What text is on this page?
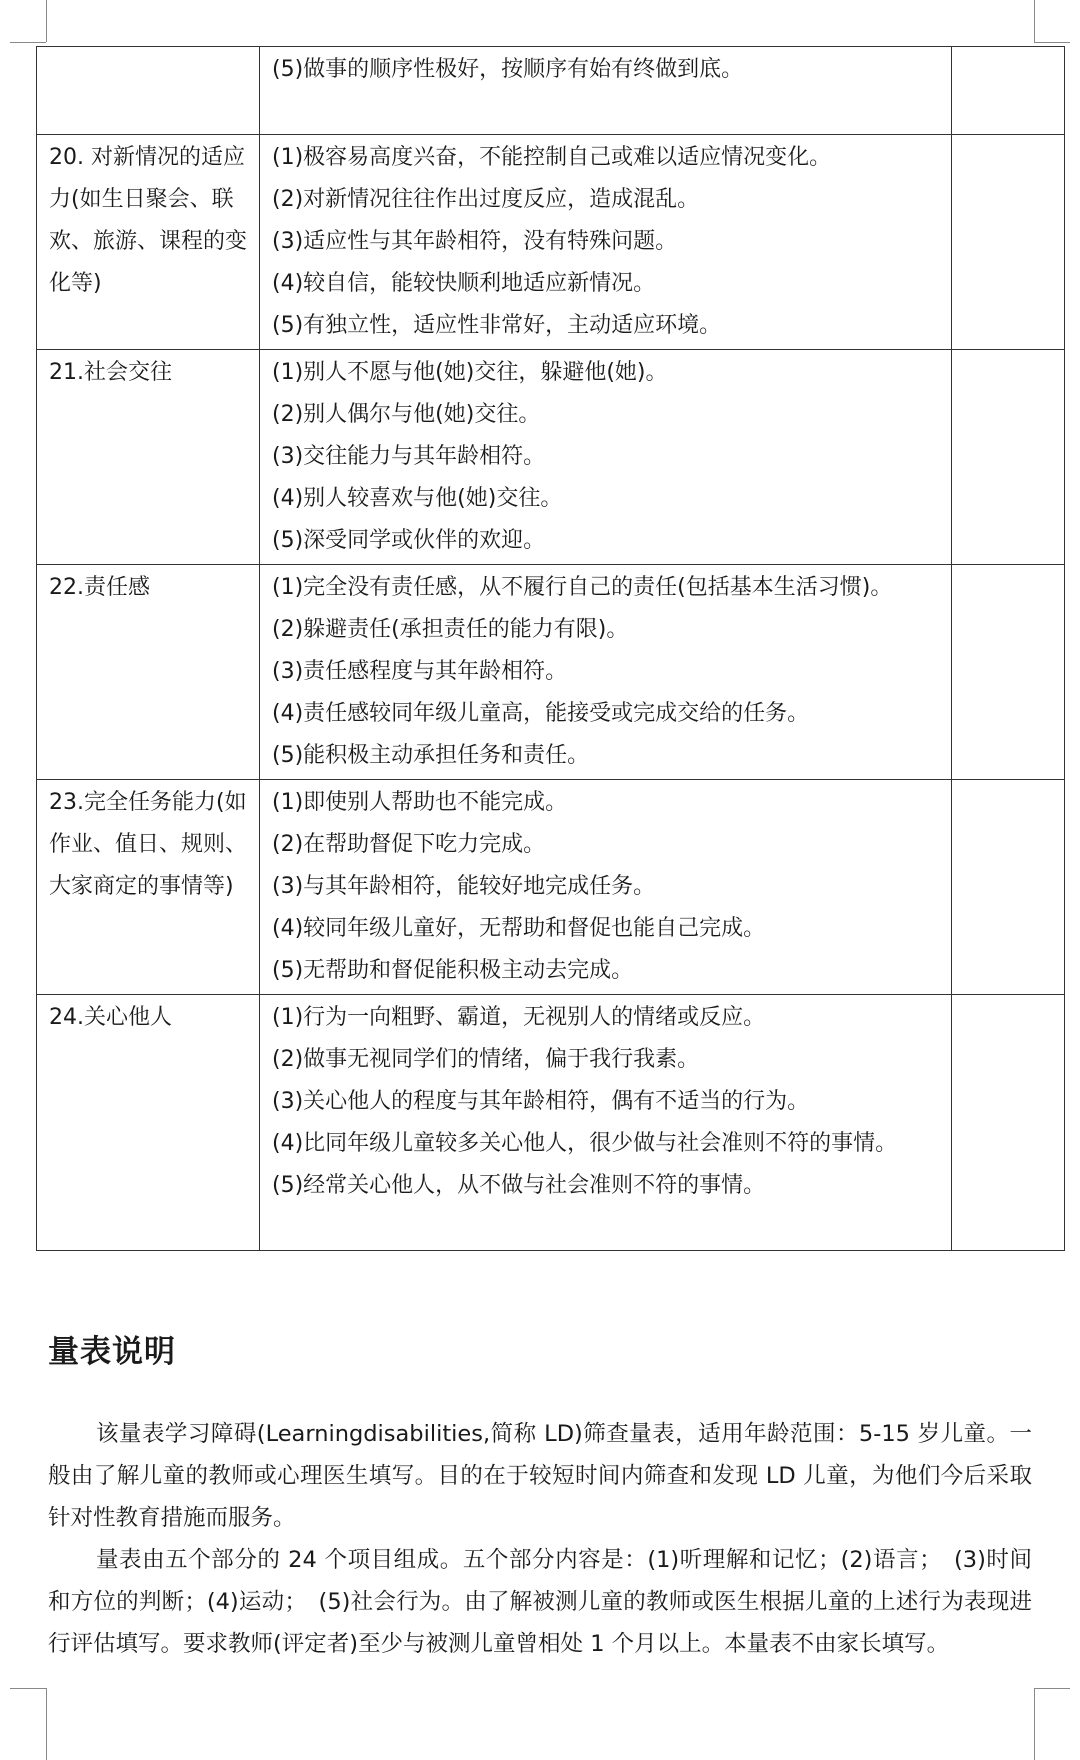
	(5)做事的顺序性极好，按顺序有始有终做到底。	

20. 对新情况的适应力(如生日聚会、联欢、旅游、课程的变化等)	(1)极容易高度兴奋，不能控制自己或难以适应情况变化。
(2)对新情况往往作出过度反应，造成混乱。
(3)适应性与其年龄相符，没有特殊问题。
(4)较自信，能较快顺利地适应新情况。
(5)有独立性，适应性非常好，主动适应环境。	

21.社会交往	(1)别人不愿与他(她)交往，躲避他(她)。
(2)别人偶尔与他(她)交往。
(3)交往能力与其年龄相符。
(4)别人较喜欢与他(她)交往。
(5)深受同学或伙伴的欢迎。	

22.责任感	(1)完全没有责任感，从不履行自己的责任(包括基本生活习惯)。
(2)躲避责任(承担责任的能力有限)。
(3)责任感程度与其年龄相符。
(4)责任感较同年级儿童高，能接受或完成交给的任务。
(5)能积极主动承担任务和责任。	

23.完全任务能力(如作业、值日、规则、大家商定的事情等)	(1)即使别人帮助也不能完成。
(2)在帮助督促下吃力完成。
(3)与其年龄相符，能较好地完成任务。
(4)较同年级儿童好，无帮助和督促也能自己完成。
(5)无帮助和督促能积极主动去完成。	

24.关心他人	(1)行为一向粗野、霸道，无视别人的情绪或反应。
(2)做事无视同学们的情绪，偏于我行我素。
(3)关心他人的程度与其年龄相符，偶有不适当的行为。
(4)比同年级儿童较多关心他人，很少做与社会准则不符的事情。
(5)经常关心他人，从不做与社会准则不符的事情。	

量表说明

该量表学习障碍(Learningdisabilities,简称 LD)筛查量表，适用年龄范围：5-15 岁儿童。一般由了解儿童的教师或心理医生填写。目的在于较短时间内筛查和发现 LD 儿童，为他们今后采取针对性教育措施而服务。

量表由五个部分的 24 个项目组成。五个部分内容是：(1)听理解和记忆；(2)语言；　(3)时间和方位的判断；(4)运动；　(5)社会行为。由了解被测儿童的教师或医生根据儿童的上述行为表现进行评估填写。要求教师(评定者)至少与被测儿童曾相处 1 个月以上。本量表不由家长填写。
